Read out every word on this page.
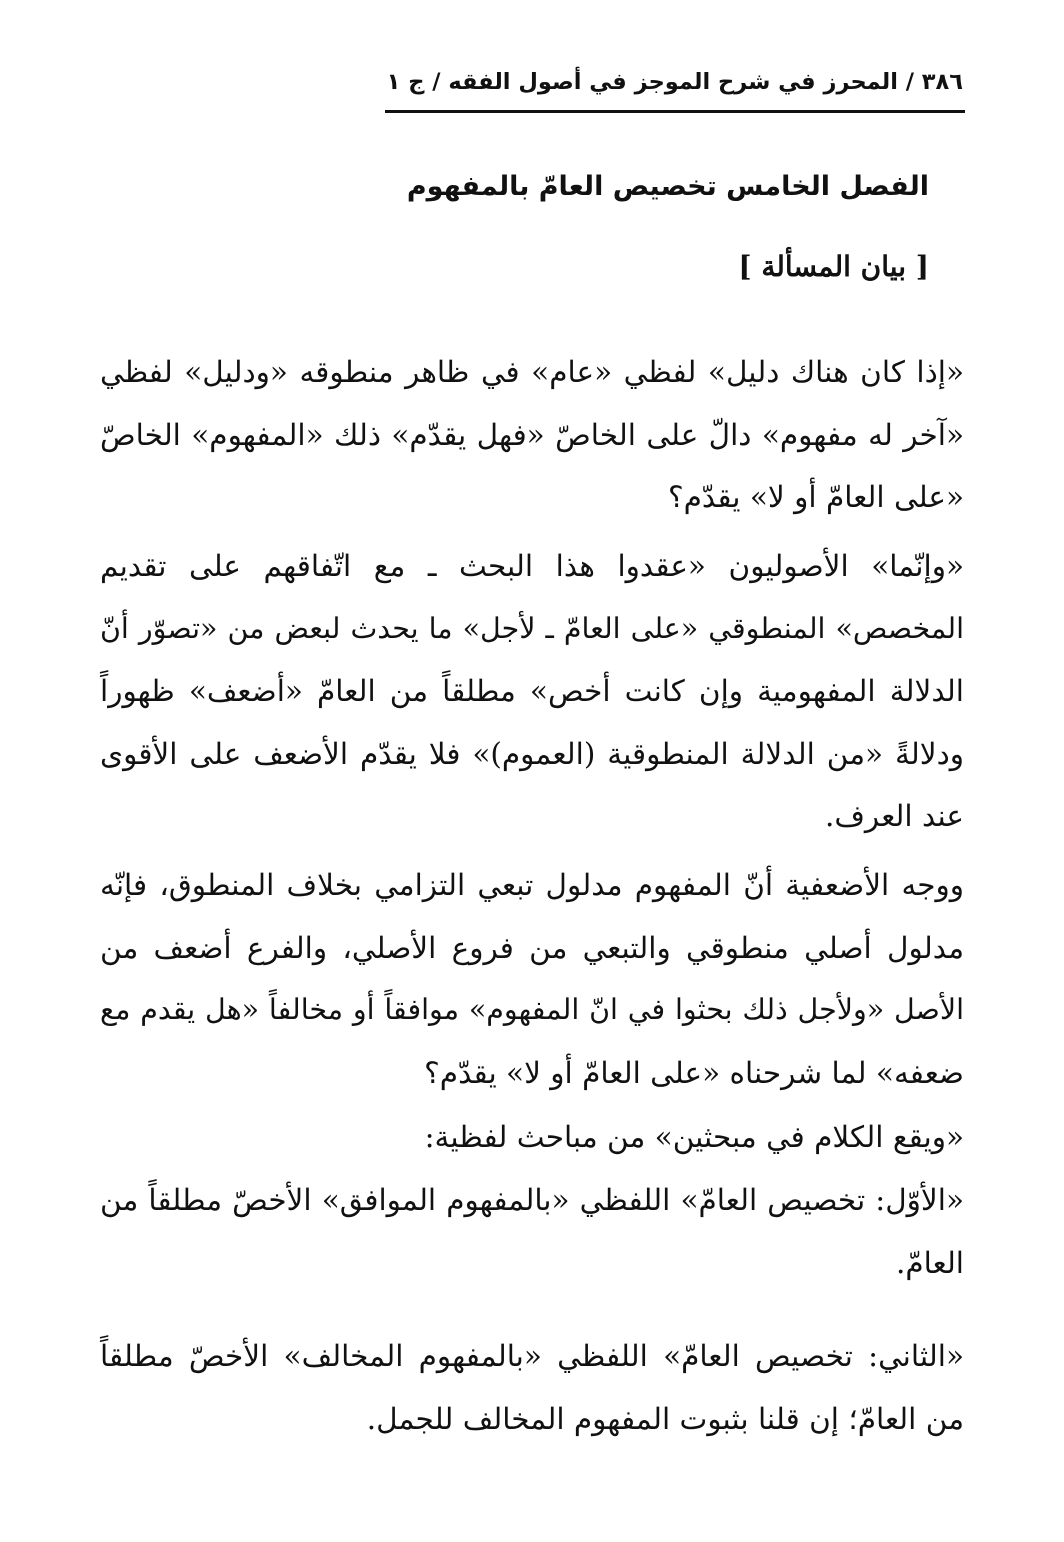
٣٨٦ / المحرز في شرح الموجز في أصول الفقه / ج ١
الفصل الخامس تخصيص العامّ بالمفهوم
[ بيان المسألة ]
«إذا كان هناك دليل» لفظي «عام» في ظاهر منطوقه «ودليل» لفظي
«آخر له مفهوم» دالّ على الخاصّ «فهل يقدّم» ذلك «المفهوم» الخاصّ
«على العامّ أو لا» يقدّم؟
«وإنّما» الأصوليون «عقدوا هذا البحث ـ مع اتّفاقهم على تقديم
المخصص» المنطوقي «على العامّ ـ لأجل» ما يحدث لبعض من «تصوّر أنّ
الدلالة المفهومية وإن كانت أخص» مطلقاً من العامّ «أضعف» ظهوراً
ودلالةً «من الدلالة المنطوقية (العموم)» فلا يقدّم الأضعف على الأقوى
عند العرف.
ووجه الأضعفية أنّ المفهوم مدلول تبعي التزامي بخلاف المنطوق، فإنّه
مدلول أصلي منطوقي والتبعي من فروع الأصلي، والفرع أضعف من
الأصل «ولأجل ذلك بحثوا في انّ المفهوم» موافقاً أو مخالفاً «هل يقدم مع
ضعفه» لما شرحناه «على العامّ أو لا» يقدّم؟
«ويقع الكلام في مبحثين» من مباحث لفظية:
«الأوّل: تخصيص العامّ» اللفظي «بالمفهوم الموافق» الأخصّ مطلقاً من
العامّ.
«الثاني: تخصيص العامّ» اللفظي «بالمفهوم المخالف» الأخصّ مطلقاً
من العامّ؛ إن قلنا بثبوت المفهوم المخالف للجمل.
